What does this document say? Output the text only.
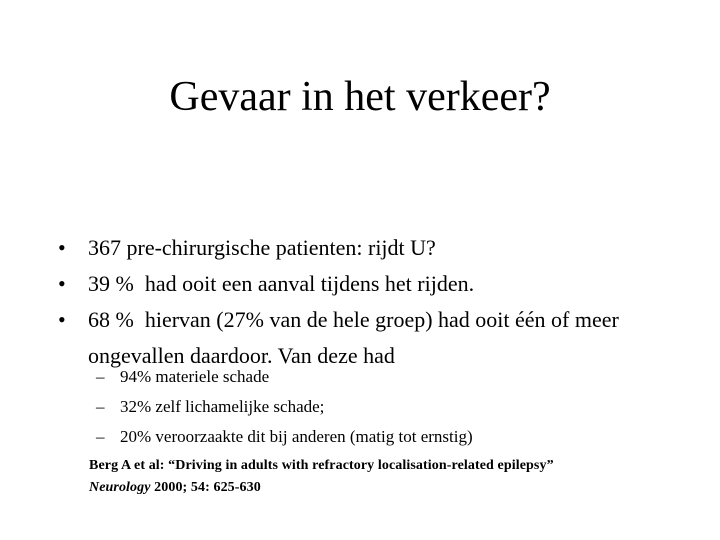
Gevaar in het verkeer?
• 367 pre-chirurgische patienten: rijdt U?
• 39 %  had ooit een aanval tijdens het rijden.
• 68 %  hiervan (27% van de hele groep) had ooit één of meer ongevallen daardoor. Van deze had
– 94% materiele schade
– 32% zelf lichamelijke schade;
– 20% veroorzaakte dit bij anderen (matig tot ernstig)
Berg A et al: “Driving in adults with refractory localisation-related epilepsy”
Neurology 2000; 54: 625-630
